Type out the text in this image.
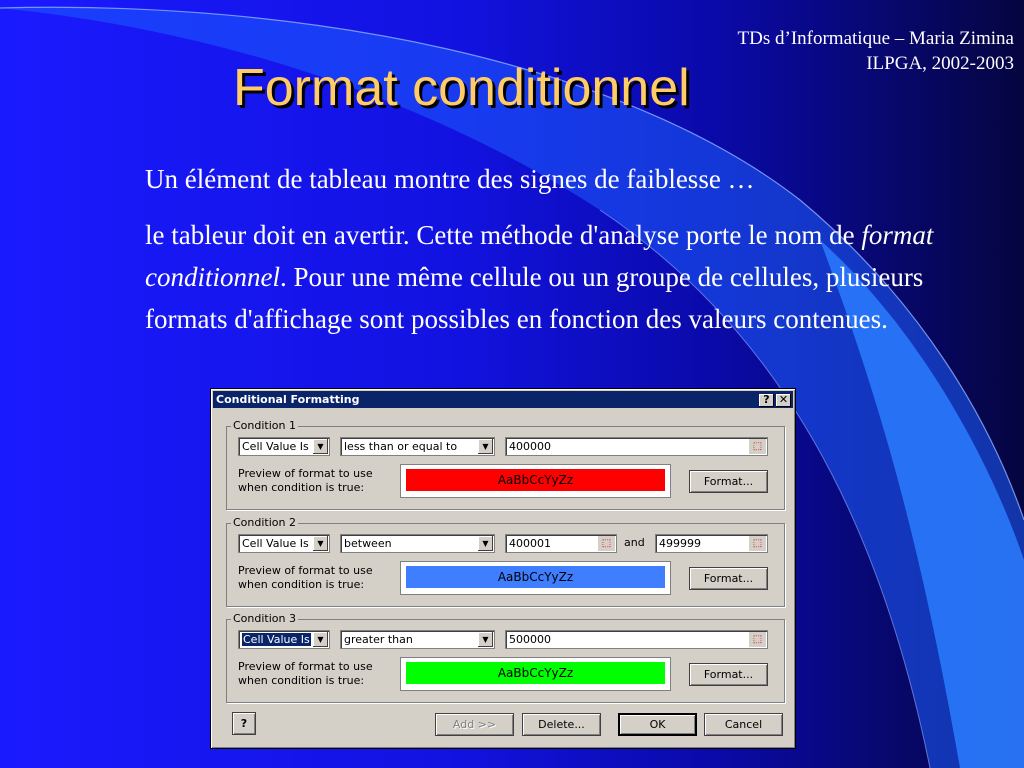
TDs d’Informatique – Maria Zimina
ILPGA, 2002-2003
Format conditionnel

Un élément de tableau montre des signes de faiblesse …

le tableur doit en avertir. Cette méthode d'analyse porte le nom de format conditionnel. Pour une même cellule ou un groupe de cellules, plusieurs formats d'affichage sont possibles en fonction des valeurs contenues.

Conditional Formatting	? ✕
Condition 1
Cell Value Is	▼	less than or equal to	▼	400000	⬚
Preview of format to use
when condition is true:
AaBbCcYyZz	Format...
Condition 2
Cell Value Is	▼	between	▼	400001	⬚	and	499999	⬚
Preview of format to use
when condition is true:
AaBbCcYyZz	Format...
Condition 3
Cell Value Is ▼	greater than	▼	500000	⬚
Preview of format to use
when condition is true:
AaBbCcYyZz	Format...
?	Add >>	Delete...	OK	Cancel
